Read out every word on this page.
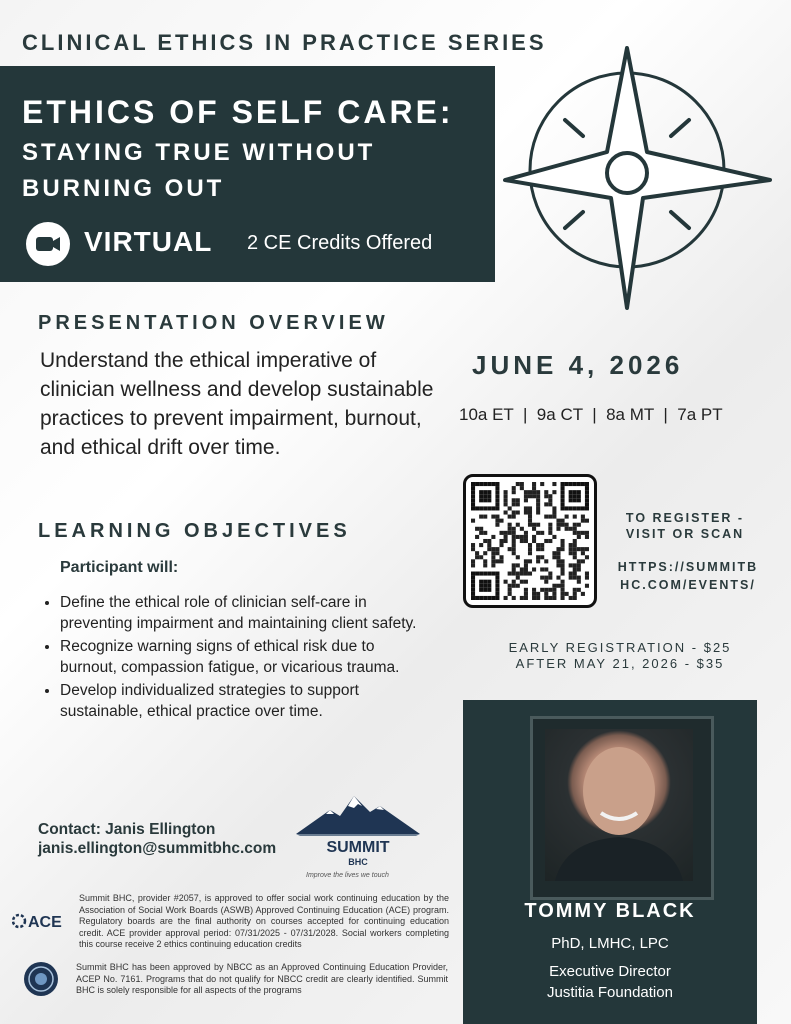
CLINICAL ETHICS IN PRACTICE SERIES
ETHICS OF SELF CARE:
STAYING TRUE WITHOUT BURNING OUT
VIRTUAL 2 CE Credits Offered
PRESENTATION OVERVIEW
Understand the ethical imperative of clinician wellness and develop sustainable practices to prevent impairment, burnout, and ethical drift over time.
LEARNING OBJECTIVES
Participant will:
• Define the ethical role of clinician self-care in preventing impairment and maintaining client safety.
• Recognize warning signs of ethical risk due to burnout, compassion fatigue, or vicarious trauma.
• Develop individualized strategies to support sustainable, ethical practice over time.
Contact: Janis Ellington
janis.ellington@summitbhc.com	SUMMIT
BHC
Improve the lives we touch
ACE
Summit BHC, provider #2057, is approved to offer social work continuing education by the Association of Social Work Boards (ASWB) Approved Continuing Education (ACE) program. Regulatory boards are the final authority on courses accepted for continuing education credit. ACE provider approval period: 07/31/2025 - 07/31/2028. Social workers completing this course receive 2 ethics continuing education credits
Summit BHC has been approved by NBCC as an Approved Continuing Education Provider, ACEP No. 7161. Programs that do not qualify for NBCC credit are clearly identified. Summit BHC is solely responsible for all aspects of the programs
JUNE 4, 2026
10a ET  |  9a CT  |  8a MT  |  7a PT
TO REGISTER - VISIT OR SCAN
HTTPS://SUMMITB
HC.COM/EVENTS/
EARLY REGISTRATION - $25
AFTER MAY 21, 2026 - $35
TOMMY BLACK
PhD, LMHC, LPC
Executive Director
Justitia Foundation
